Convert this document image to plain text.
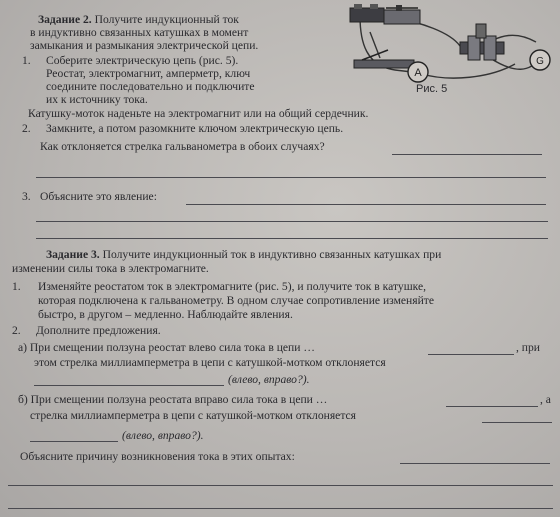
Задание 2. Получите индукционный ток
в индуктивно связанных катушках в момент
замыкания и размыкания электрической цепи.
1. Соберите электрическую цепь (рис. 5).
Реостат, электромагнит, амперметр, ключ
соедините последовательно и подключите
их к источнику тока.
Катушку-моток наденьте на электромагнит или на общий сердечник.
2. Замкните, а потом разомкните ключом электрическую цепь.
Как отклоняется стрелка гальванометра в обоих случаях?
3. Объясните это явление:
A
G
Рис. 5
Задание 3. Получите индукционный ток в индуктивно связанных катушках при
изменении силы тока в электромагните.
1. Изменяйте реостатом ток в электромагните (рис. 5), и получите ток в катушке,
которая подключена к гальванометру. В одном случае сопротивление изменяйте
быстро, в другом – медленно. Наблюдайте явления.
2. Дополните предложения.
а) При смещении ползуна реостат влево сила тока в цепи …	, при
этом стрелка миллиамперметра в цепи с катушкой-мотком отклоняется
(влево, вправо?).
б) При смещении ползуна реостата вправо сила тока в цепи …	, а
стрелка миллиамперметра в цепи с катушкой-мотком отклоняется
(влево, вправо?).
Объясните причину возникновения тока в этих опытах:
